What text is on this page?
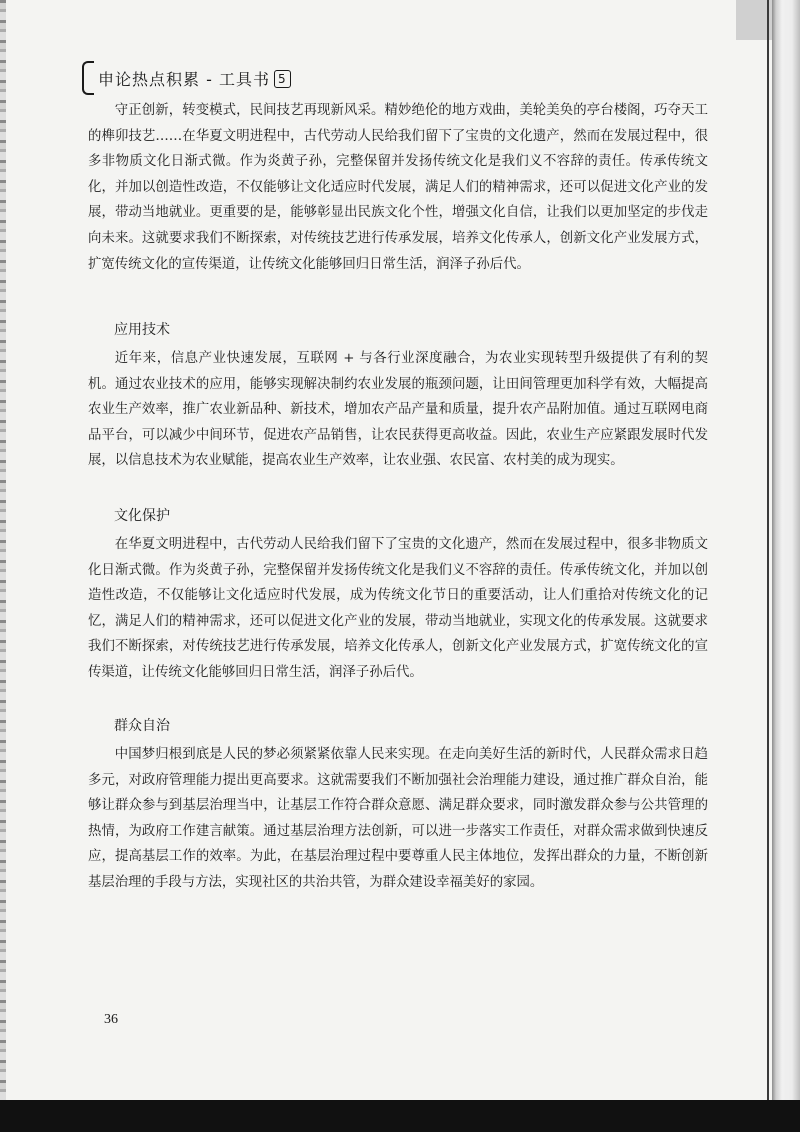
申论热点积累 - 工具书 5

守正创新，转变模式，民间技艺再现新风采。精妙绝伦的地方戏曲，美轮美奂的亭台楼阁，巧夺天工的榫卯技艺……在华夏文明进程中，古代劳动人民给我们留下了宝贵的文化遗产，然而在发展过程中，很多非物质文化日渐式微。作为炎黄子孙，完整保留并发扬传统文化是我们义不容辞的责任。传承传统文化，并加以创造性改造，不仅能够让文化适应时代发展，满足人们的精神需求，还可以促进文化产业的发展，带动当地就业。更重要的是，能够彰显出民族文化个性，增强文化自信，让我们以更加坚定的步伐走向未来。这就要求我们不断探索，对传统技艺进行传承发展，培养文化传承人，创新文化产业发展方式，扩宽传统文化的宣传渠道，让传统文化能够回归日常生活，润泽子孙后代。

应用技术

近年来，信息产业快速发展，互联网 + 与各行业深度融合，为农业实现转型升级提供了有利的契机。通过农业技术的应用，能够实现解决制约农业发展的瓶颈问题，让田间管理更加科学有效，大幅提高农业生产效率，推广农业新品种、新技术，增加农产品产量和质量，提升农产品附加值。通过互联网电商品平台，可以减少中间环节，促进农产品销售，让农民获得更高收益。因此，农业生产应紧跟发展时代发展，以信息技术为农业赋能，提高农业生产效率，让农业强、农民富、农村美的成为现实。

文化保护

在华夏文明进程中，古代劳动人民给我们留下了宝贵的文化遗产，然而在发展过程中，很多非物质文化日渐式微。作为炎黄子孙，完整保留并发扬传统文化是我们义不容辞的责任。传承传统文化，并加以创造性改造，不仅能够让文化适应时代发展，成为传统文化节日的重要活动，让人们重拾对传统文化的记忆，满足人们的精神需求，还可以促进文化产业的发展，带动当地就业，实现文化的传承发展。这就要求我们不断探索，对传统技艺进行传承发展，培养文化传承人，创新文化产业发展方式，扩宽传统文化的宣传渠道，让传统文化能够回归日常生活，润泽子孙后代。

群众自治

中国梦归根到底是人民的梦必须紧紧依靠人民来实现。在走向美好生活的新时代，人民群众需求日趋多元，对政府管理能力提出更高要求。这就需要我们不断加强社会治理能力建设，通过推广群众自治，能够让群众参与到基层治理当中，让基层工作符合群众意愿、满足群众要求，同时激发群众参与公共管理的热情，为政府工作建言献策。通过基层治理方法创新，可以进一步落实工作责任，对群众需求做到快速反应，提高基层工作的效率。为此，在基层治理过程中要尊重人民主体地位，发挥出群众的力量，不断创新基层治理的手段与方法，实现社区的共治共管，为群众建设幸福美好的家园。

36
